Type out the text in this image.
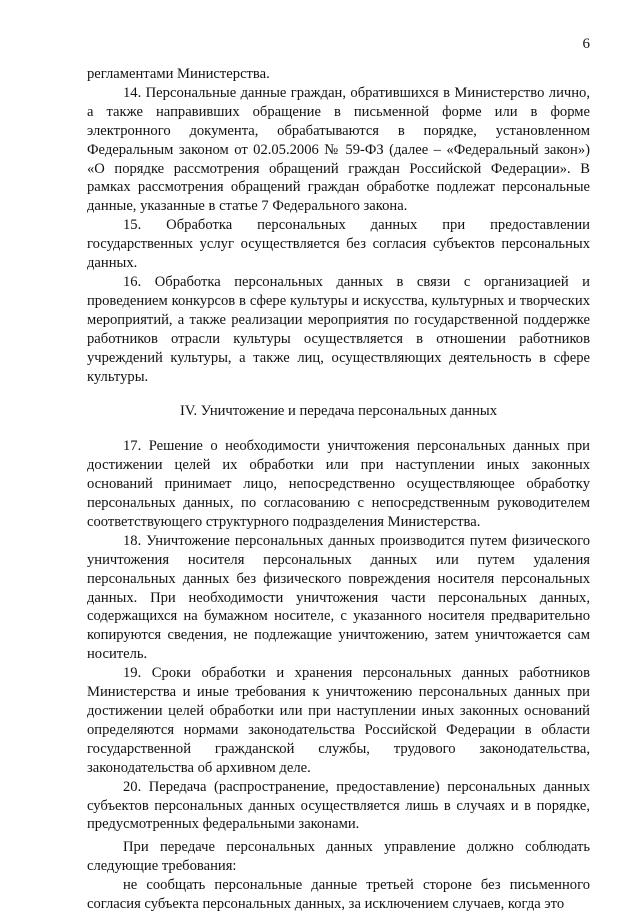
6

регламентами Министерства.

14. Персональные данные граждан, обратившихся в Министерство лично, а также направивших обращение в письменной форме или в форме электронного документа, обрабатываются в порядке, установленном Федеральным законом от 02.05.2006 № 59-ФЗ (далее – «Федеральный закон») «О порядке рассмотрения обращений граждан Российской Федерации». В рамках рассмотрения обращений граждан обработке подлежат персональные данные, указанные в статье 7 Федерального закона.

15. Обработка персональных данных при предоставлении государственных услуг осуществляется без согласия субъектов персональных данных.

16. Обработка персональных данных в связи с организацией и проведением конкурсов в сфере культуры и искусства, культурных и творческих мероприятий, а также реализации мероприятия по государственной поддержке работников отрасли культуры осуществляется в отношении работников учреждений культуры, а также лиц, осуществляющих деятельность в сфере культуры.

IV. Уничтожение и передача персональных данных

17. Решение о необходимости уничтожения персональных данных при достижении целей их обработки или при наступлении иных законных оснований принимает лицо, непосредственно осуществляющее обработку персональных данных, по согласованию с непосредственным руководителем соответствующего структурного подразделения Министерства.

18. Уничтожение персональных данных производится путем физического уничтожения носителя персональных данных или путем удаления персональных данных без физического повреждения носителя персональных данных. При необходимости уничтожения части персональных данных, содержащихся на бумажном носителе, с указанного носителя предварительно копируются сведения, не подлежащие уничтожению, затем уничтожается сам носитель.

19. Сроки обработки и хранения персональных данных работников Министерства и иные требования к уничтожению персональных данных при достижении целей обработки или при наступлении иных законных оснований определяются нормами законодательства Российской Федерации в области государственной гражданской службы, трудового законодательства, законодательства об архивном деле.

20. Передача (распространение, предоставление) персональных данных субъектов персональных данных осуществляется лишь в случаях и в порядке, предусмотренных федеральными законами.

При передаче персональных данных управление должно соблюдать следующие требования:

не сообщать персональные данные третьей стороне без письменного согласия субъекта персональных данных, за исключением случаев, когда это
